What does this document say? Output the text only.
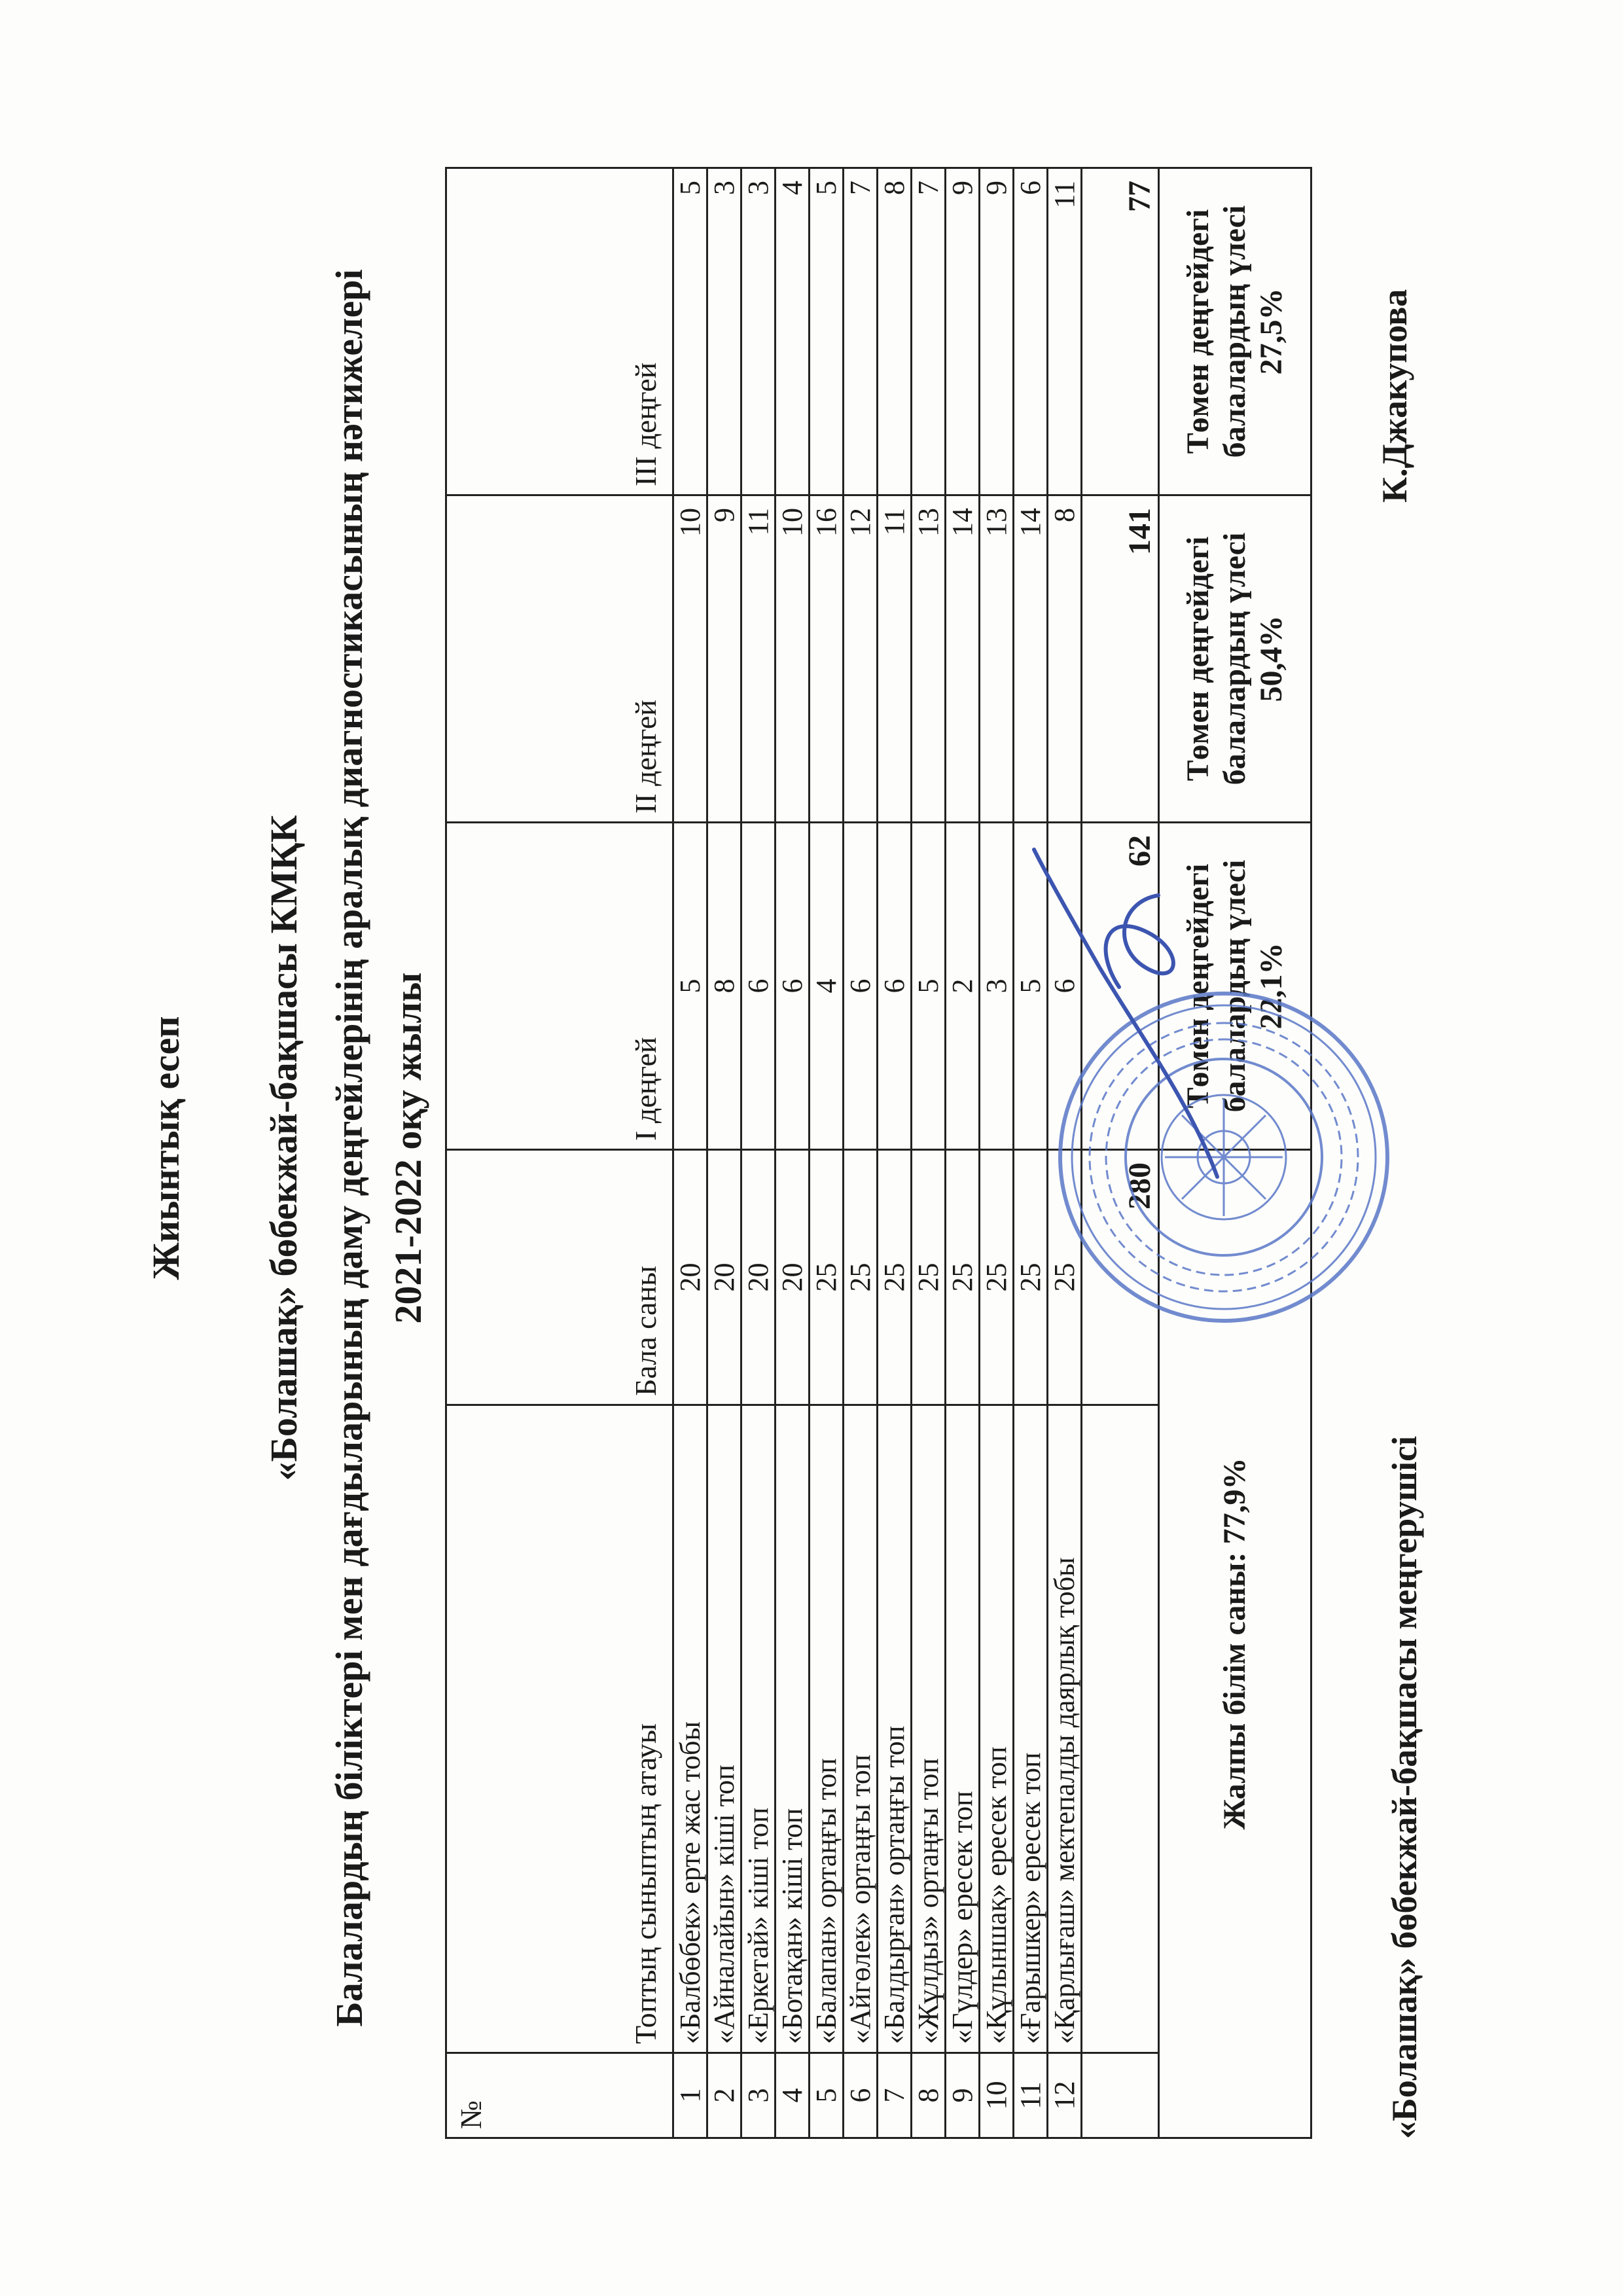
Жиынтық есеп «Болашақ» бөбекжай-бақшасы КМҚК Балалардың біліктері мен дағдыларының даму деңгейлерінің аралық диагностикасының нәтижелері 2021-2022 оқу жылы
№	Топтың сыныптың атауы	Бала саны	І деңгей	ІІ деңгей	ІІІ деңгей
1	«Балбөбек» ерте жас тобы	20	5	10	5
2	«Айналайын» кіші топ	20	8	9	3
3	«Еркетай» кіші топ	20	6	11	3
4	«Ботақан» кіші топ	20	6	10	4
5	«Балапан» ортаңғы топ	25	4	16	5
6	«Айгөлек» ортаңғы топ	25	6	12	7
7	«Балдырған» ортаңғы топ	25	6	11	8
8	«Жұлдыз» ортаңғы топ	25	5	13	7
9	«Гүлдер» ересек топ	25	2	14	9
10	«Құлыншақ» ересек топ	25	3	13	9
11	«Ғарышкер» ересек топ	25	5	14	6
12	«Қарлығаш» мектепалды даярлық тобы	25	6	8	11
		280	62	141	77
Жалпы білім саны: 77,9%			Төмен деңгейдегі балалардың үлесі 22,1%	Төмен деңгейдегі балалардың үлесі 50,4%	Төмен деңгейдегі балалардың үлесі 27,5%
«Болашақ» бөбекжай-бақшасы меңгерушісі
К.Джакупова
